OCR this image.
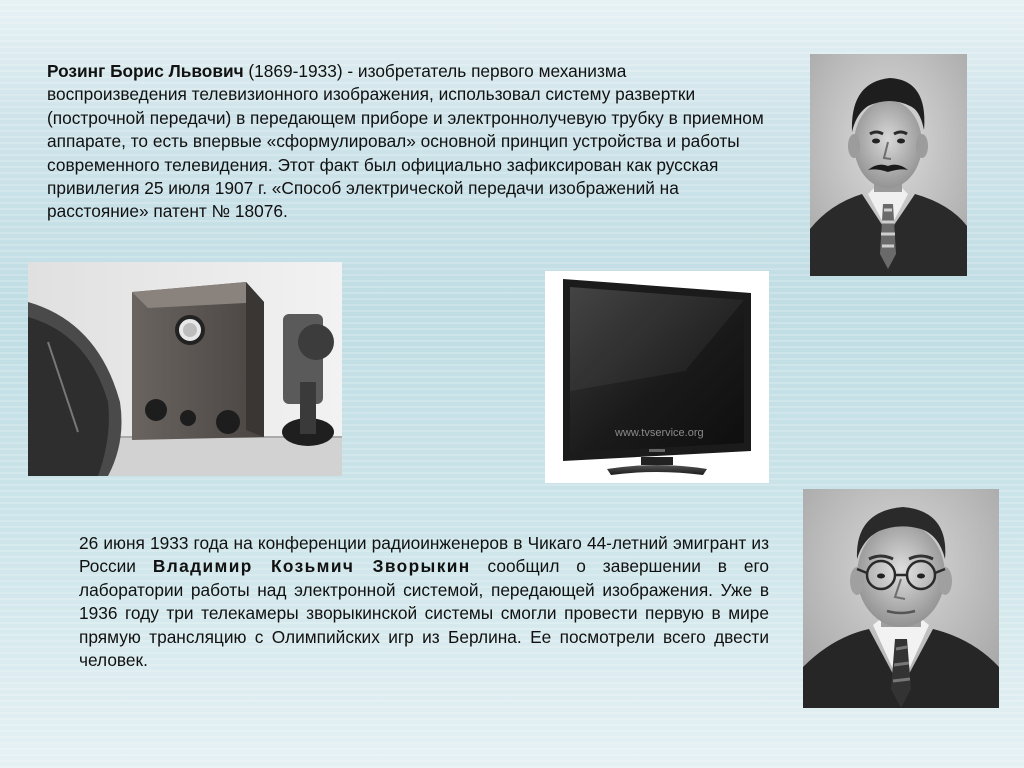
Розинг Борис Львович (1869-1933) - изобретатель первого механизма воспроизведения телевизионного изображения, использовал систему развертки (построчной передачи) в передающем приборе и электроннолучевую трубку в приемном аппарате, то есть впервые «сформулировал» основной принцип устройства и работы современного телевидения. Этот факт был официально зафиксирован как русская привилегия 25 июля 1907 г. «Способ электрической передачи изображений на расстояние» патент № 18076.

www.tvservice.org

26 июня 1933 года на конференции радиоинженеров в Чикаго 44-летний эмигрант из России Владимир Козьмич Зворыкин сообщил о завершении в его лаборатории работы над электронной системой, передающей изображения. Уже в 1936 году три телекамеры зворыкинской системы смогли провести первую в мире прямую трансляцию с Олимпийских игр из Берлина. Ее посмотрели всего двести человек.
